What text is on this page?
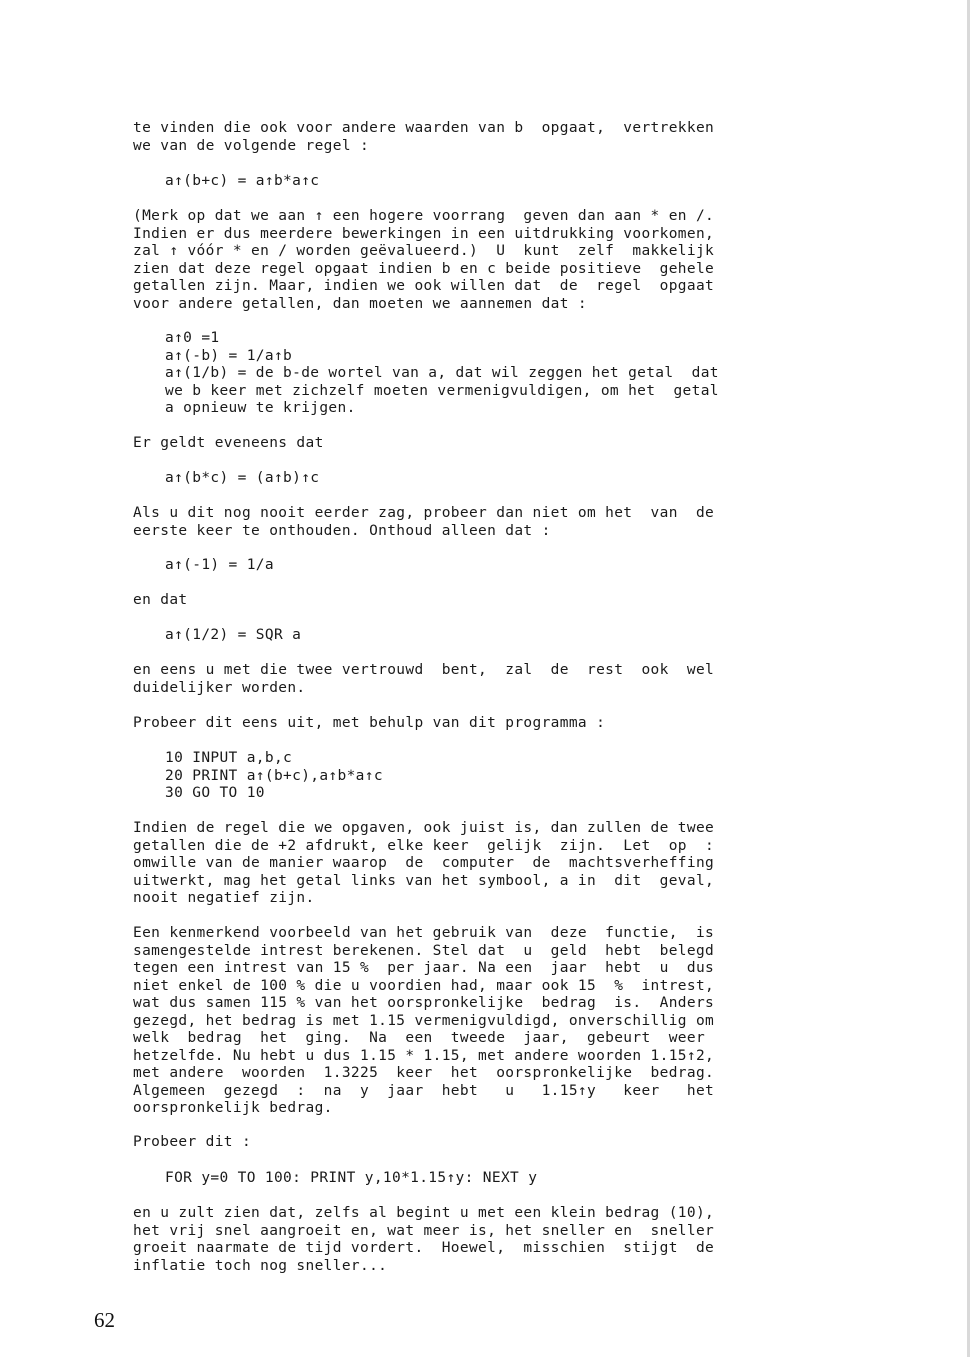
te vinden die ook voor andere waarden van b  opgaat,  vertrekken
we van de volgende regel :
a↑(b+c) = a↑b*a↑c
(Merk op dat we aan ↑ een hogere voorrang  geven dan aan * en /.
Indien er dus meerdere bewerkingen in een uitdrukking voorkomen,
zal ↑ vóór * en / worden geëvalueerd.)  U  kunt  zelf  makkelijk
zien dat deze regel opgaat indien b en c beide positieve  gehele
getallen zijn. Maar, indien we ook willen dat  de  regel  opgaat
voor andere getallen, dan moeten we aannemen dat :
a↑0 =1
a↑(-b) = 1/a↑b
a↑(1/b) = de b-de wortel van a, dat wil zeggen het getal  dat
we b keer met zichzelf moeten vermenigvuldigen, om het  getal
a opnieuw te krijgen.
Er geldt eveneens dat
a↑(b*c) = (a↑b)↑c
Als u dit nog nooit eerder zag, probeer dan niet om het  van  de
eerste keer te onthouden. Onthoud alleen dat :
a↑(-1) = 1/a
en dat
a↑(1/2) = SQR a
en eens u met die twee vertrouwd  bent,  zal  de  rest  ook  wel
duidelijker worden.
Probeer dit eens uit, met behulp van dit programma :
10 INPUT a,b,c
20 PRINT a↑(b+c),a↑b*a↑c
30 GO TO 10
Indien de regel die we opgaven, ook juist is, dan zullen de twee
getallen die de +2 afdrukt, elke keer  gelijk  zijn.  Let  op  :
omwille van de manier waarop  de  computer  de  machtsverheffing
uitwerkt, mag het getal links van het symbool, a in  dit  geval,
nooit negatief zijn.
Een kenmerkend voorbeeld van het gebruik van  deze  functie,  is
samengestelde intrest berekenen. Stel dat  u  geld  hebt  belegd
tegen een intrest van 15 %  per jaar. Na een  jaar  hebt  u  dus
niet enkel de 100 % die u voordien had, maar ook 15  %  intrest,
wat dus samen 115 % van het oorspronkelijke  bedrag  is.  Anders
gezegd, het bedrag is met 1.15 vermenigvuldigd, onverschillig om
welk  bedrag  het  ging.  Na  een  tweede  jaar,  gebeurt  weer
hetzelfde. Nu hebt u dus 1.15 * 1.15, met andere woorden 1.15↑2,
met andere  woorden  1.3225  keer  het  oorspronkelijke  bedrag.
Algemeen  gezegd  :  na  y  jaar  hebt   u   1.15↑y   keer   het
oorspronkelijk bedrag.
Probeer dit :
FOR y=0 TO 100: PRINT y,10*1.15↑y: NEXT y
en u zult zien dat, zelfs al begint u met een klein bedrag (10),
het vrij snel aangroeit en, wat meer is, het sneller en  sneller
groeit naarmate de tijd vordert.  Hoewel,  misschien  stijgt  de
inflatie toch nog sneller...
62
